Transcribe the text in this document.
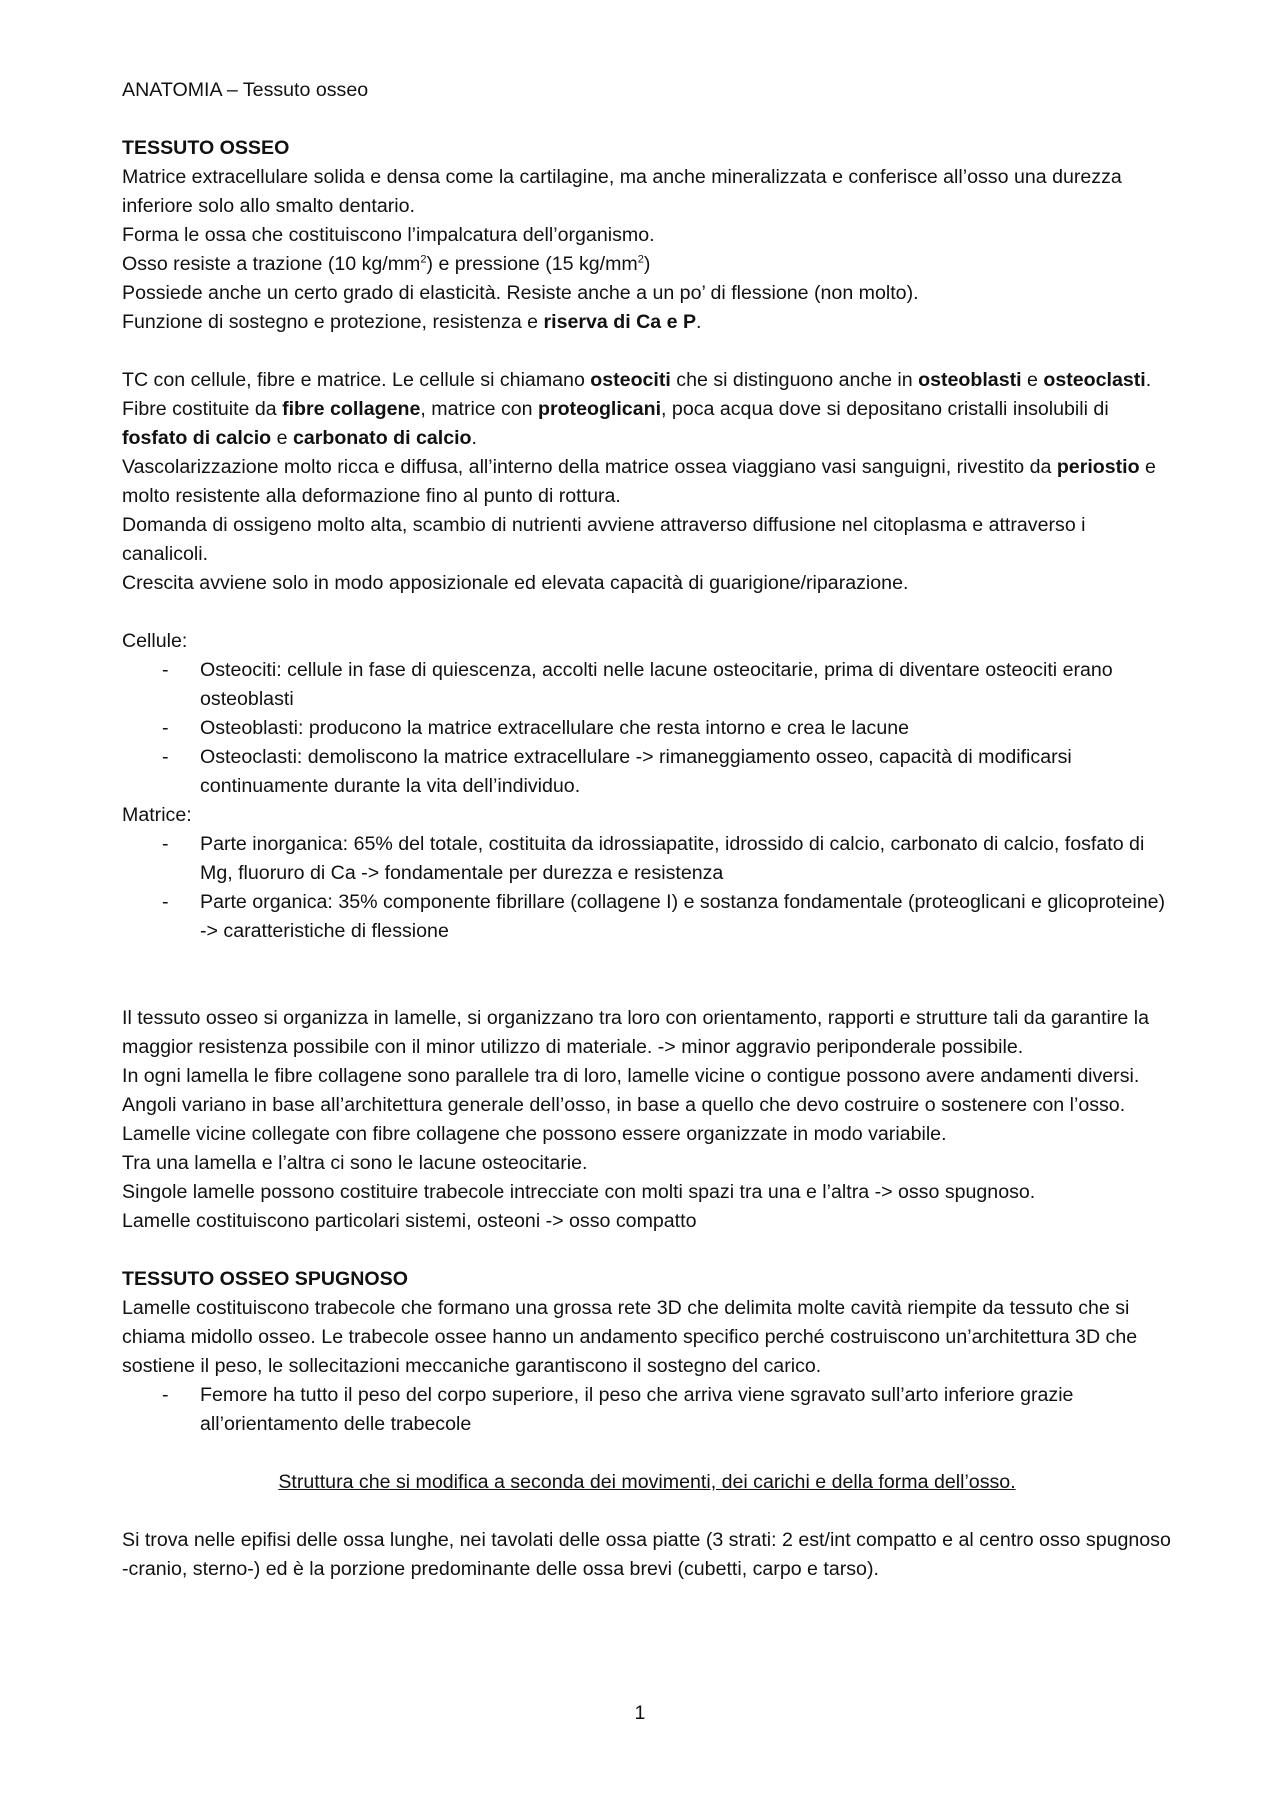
ANATOMIA – Tessuto osseo
TESSUTO OSSEO

Matrice extracellulare solida e densa come la cartilagine, ma anche mineralizzata e conferisce all’osso una durezza inferiore solo allo smalto dentario.

Forma le ossa che costituiscono l’impalcatura dell’organismo.

Osso resiste a trazione (10 $kg/mm^2$) e pressione (15 $kg/mm^2$)

Possiede anche un certo grado di elasticità. Resiste anche a un po’ di flessione (non molto).

Funzione di sostegno e protezione, resistenza e riserva di Ca e P.

TC con cellule, fibre e matrice. Le cellule si chiamano osteociti che si distinguono anche in osteoblasti e osteoclasti. Fibre costituite da fibre collagene, matrice con proteoglicani, poca acqua dove si depositano cristalli insolubili di fosfato di calcio e carbonato di calcio.

Vascolarizzazione molto ricca e diffusa, all’interno della matrice ossea viaggiano vasi sanguigni, rivestito da periostio e molto resistente alla deformazione fino al punto di rottura.

Domanda di ossigeno molto alta, scambio di nutrienti avviene attraverso diffusione nel citoplasma e attraverso i canalicoli.

Crescita avviene solo in modo apposizionale ed elevata capacità di guarigione/riparazione.

Cellule:

- Osteociti: cellule in fase di quiescenza, accolti nelle lacune osteocitarie, prima di diventare osteociti erano osteoblasti
- Osteoblasti: producono la matrice extracellulare che resta intorno e crea le lacune
- Osteoclasti: demoliscono la matrice extracellulare -> rimaneggiamento osseo, capacità di modificarsi continuamente durante la vita dell’individuo.

Matrice:

- Parte inorganica: 65% del totale, costituita da idrossiapatite, idrossido di calcio, carbonato di calcio, fosfato di Mg, fluoruro di Ca -> fondamentale per durezza e resistenza
- Parte organica: 35% componente fibrillare (collagene I) e sostanza fondamentale (proteoglicani e glicoproteine) -> caratteristiche di flessione

Il tessuto osseo si organizza in lamelle, si organizzano tra loro con orientamento, rapporti e strutture tali da garantire la maggior resistenza possibile con il minor utilizzo di materiale. -> minor aggravio periponderale possibile.

In ogni lamella le fibre collagene sono parallele tra di loro, lamelle vicine o contigue possono avere andamenti diversi. Angoli variano in base all’architettura generale dell’osso, in base a quello che devo costruire o sostenere con l’osso. Lamelle vicine collegate con fibre collagene che possono essere organizzate in modo variabile.

Tra una lamella e l’altra ci sono le lacune osteocitarie.

Singole lamelle possono costituire trabecole intrecciate con molti spazi tra una e l’altra -> osso spugnoso.

Lamelle costituiscono particolari sistemi, osteoni -> osso compatto

TESSUTO OSSEO SPUGNOSO

Lamelle costituiscono trabecole che formano una grossa rete 3D che delimita molte cavità riempite da tessuto che si chiama midollo osseo. Le trabecole ossee hanno un andamento specifico perché costruiscono un’architettura 3D che sostiene il peso, le sollecitazioni meccaniche garantiscono il sostegno del carico.

- Femore ha tutto il peso del corpo superiore, il peso che arriva viene sgravato sull’arto inferiore grazie all’orientamento delle trabecole

Struttura che si modifica a seconda dei movimenti, dei carichi e della forma dell’osso.

Si trova nelle epifisi delle ossa lunghe, nei tavolati delle ossa piatte (3 strati: 2 est/int compatto e al centro osso spugnoso -cranio, sterno-) ed è la porzione predominante delle ossa brevi (cubetti, carpo e tarso).

1
